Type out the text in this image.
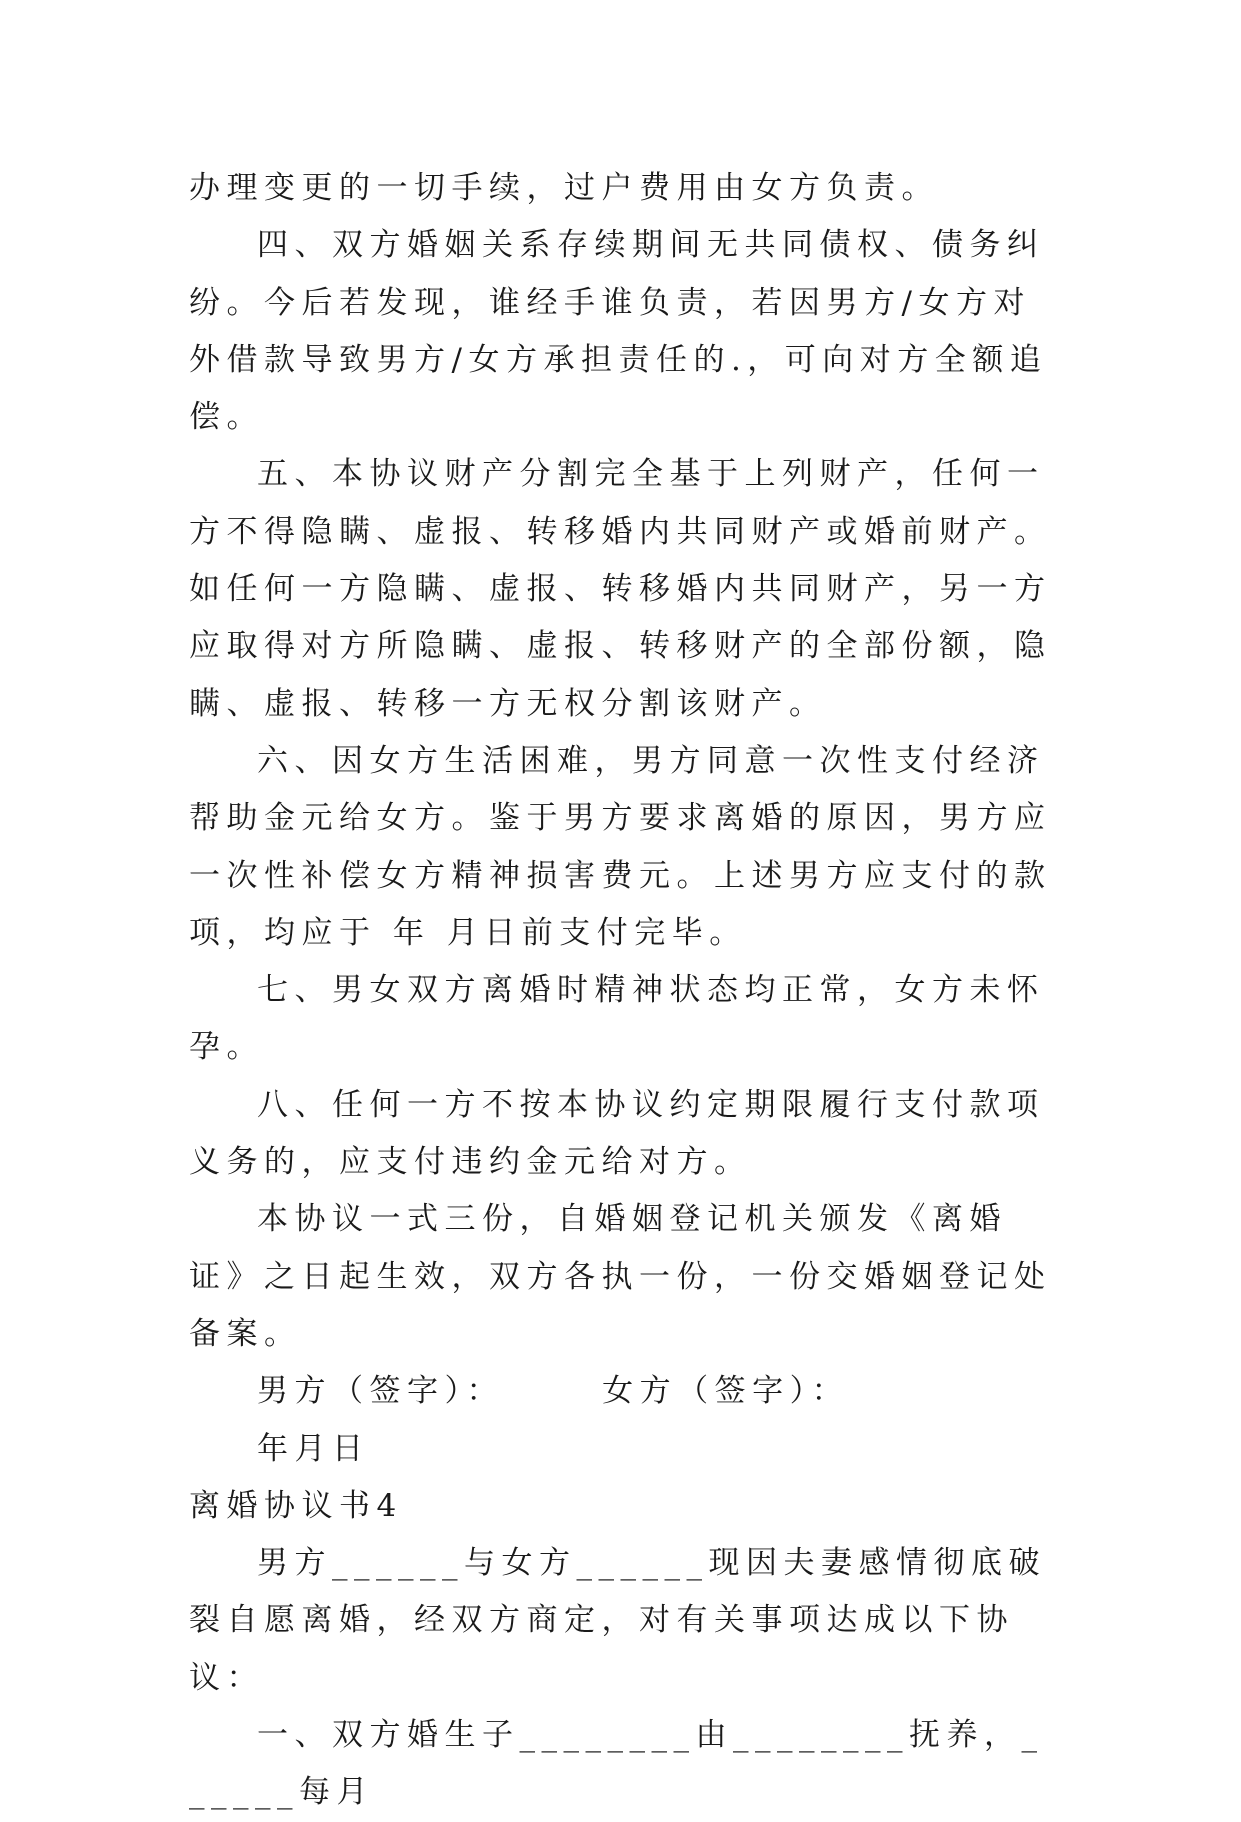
办理变更的一切手续，过户费用由女方负责。

四、双方婚姻关系存续期间无共同债权、债务纠纷。今后若发现，谁经手谁负责，若因男方/女方对外借款导致男方/女方承担责任的.，可向对方全额追偿。

五、本协议财产分割完全基于上列财产，任何一方不得隐瞒、虚报、转移婚内共同财产或婚前财产。如任何一方隐瞒、虚报、转移婚内共同财产，另一方应取得对方所隐瞒、虚报、转移财产的全部份额，隐瞒、虚报、转移一方无权分割该财产。

六、因女方生活困难，男方同意一次性支付经济帮助金元给女方。鉴于男方要求离婚的原因，男方应一次性补偿女方精神损害费元。上述男方应支付的款项，均应于 年 月日前支付完毕。

七、男女双方离婚时精神状态均正常，女方未怀孕。

八、任何一方不按本协议约定期限履行支付款项义务的，应支付违约金元给对方。

本协议一式三份，自婚姻登记机关颁发《离婚证》之日起生效，双方各执一份，一份交婚姻登记处备案。

男方（签字）：      女方（签字）：

年月日

离婚协议书4

男方______与女方______现因夫妻感情彻底破裂自愿离婚，经双方商定，对有关事项达成以下协议：

一、双方婚生子________由________抚养，______每月
